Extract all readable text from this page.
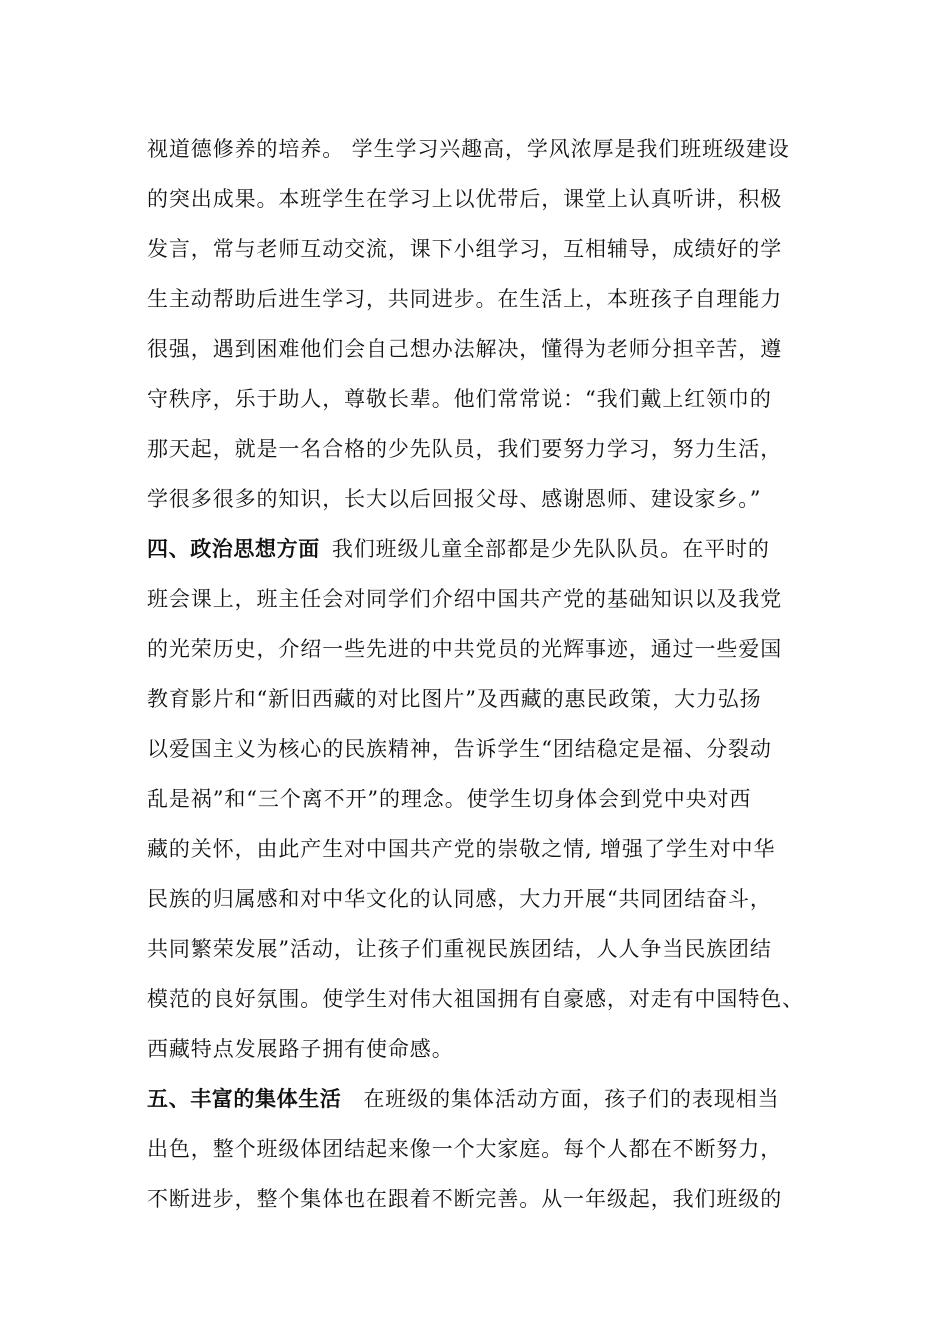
视道德修养的培养。 学生学习兴趣高，学风浓厚是我们班班级建设
的突出成果。本班学生在学习上以优带后，课堂上认真听讲，积极
发言，常与老师互动交流，课下小组学习，互相辅导，成绩好的学
生主动帮助后进生学习，共同进步。在生活上，本班孩子自理能力
很强，遇到困难他们会自己想办法解决，懂得为老师分担辛苦，遵
守秩序，乐于助人，尊敬长辈。他们常常说：“我们戴上红领巾的
那天起，就是一名合格的少先队员，我们要努力学习，努力生活，
学很多很多的知识，长大以后回报父母、感谢恩师、建设家乡。”
四、政治思想方面 我们班级儿童全部都是少先队队员。在平时的
班会课上，班主任会对同学们介绍中国共产党的基础知识以及我党
的光荣历史，介绍一些先进的中共党员的光辉事迹，通过一些爱国
教育影片和“新旧西藏的对比图片”及西藏的惠民政策，大力弘扬
以爱国主义为核心的民族精神，告诉学生“团结稳定是福、分裂动
乱是祸”和“三个离不开”的理念。使学生切身体会到党中央对西
藏的关怀，由此产生对中国共产党的崇敬之情, 增强了学生对中华
民族的归属感和对中华文化的认同感，大力开展“共同团结奋斗，
共同繁荣发展”活动，让孩子们重视民族团结，人人争当民族团结
模范的良好氛围。使学生对伟大祖国拥有自豪感，对走有中国特色、
西藏特点发展路子拥有使命感。
五、丰富的集体生活 在班级的集体活动方面，孩子们的表现相当
出色，整个班级体团结起来像一个大家庭。每个人都在不断努力，
不断进步，整个集体也在跟着不断完善。从一年级起，我们班级的
